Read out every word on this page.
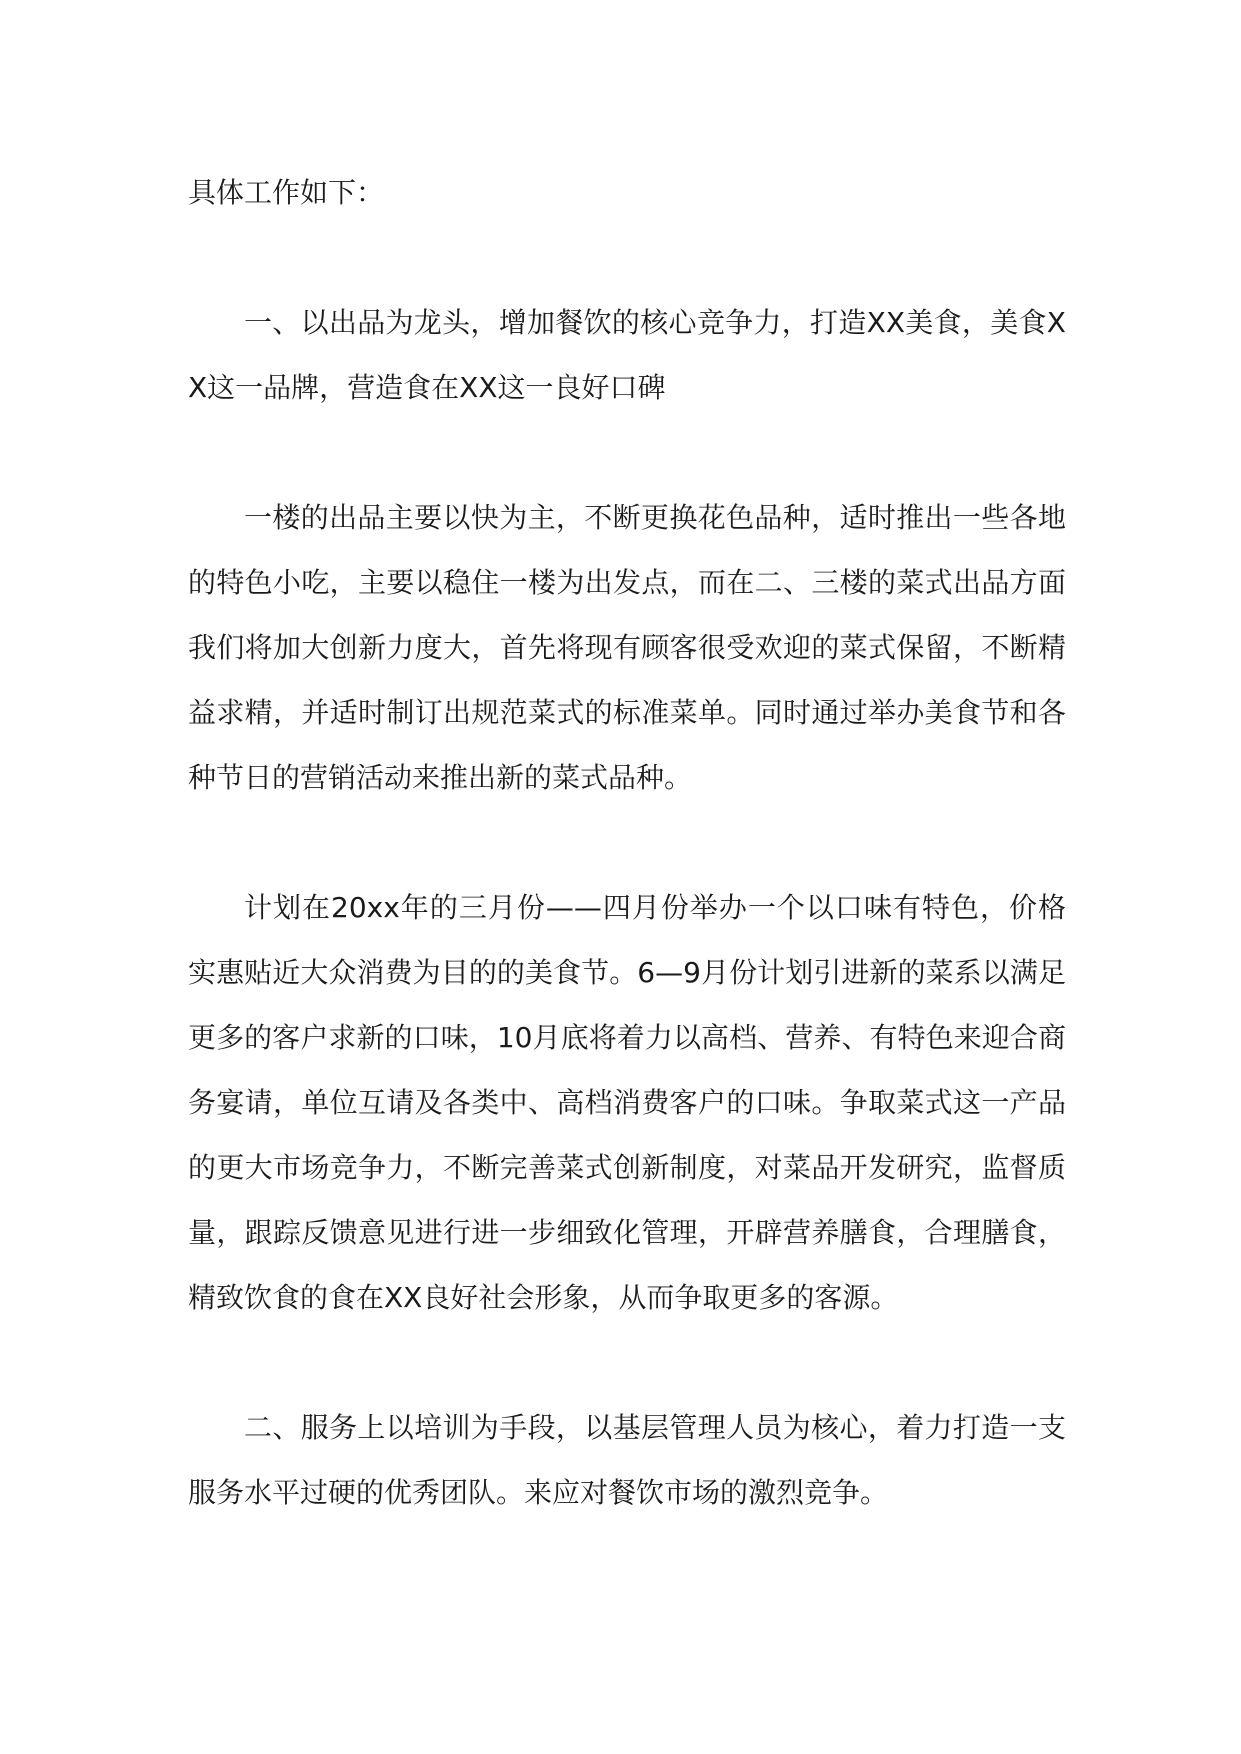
具体工作如下：

一、以出品为龙头，增加餐饮的核心竞争力，打造XX美食，美食XX这一品牌，营造食在XX这一良好口碑

一楼的出品主要以快为主，不断更换花色品种，适时推出一些各地的特色小吃，主要以稳住一楼为出发点，而在二、三楼的菜式出品方面我们将加大创新力度大，首先将现有顾客很受欢迎的菜式保留，不断精益求精，并适时制订出规范菜式的标准菜单。同时通过举办美食节和各种节日的营销活动来推出新的菜式品种。

计划在20xx年的三月份——四月份举办一个以口味有特色，价格实惠贴近大众消费为目的的美食节。6—9月份计划引进新的菜系以满足更多的客户求新的口味，10月底将着力以高档、营养、有特色来迎合商务宴请，单位互请及各类中、高档消费客户的口味。争取菜式这一产品的更大市场竞争力，不断完善菜式创新制度，对菜品开发研究，监督质量，跟踪反馈意见进行进一步细致化管理，开辟营养膳食，合理膳食，精致饮食的食在XX良好社会形象，从而争取更多的客源。

二、服务上以培训为手段，以基层管理人员为核心，着力打造一支服务水平过硬的优秀团队。来应对餐饮市场的激烈竞争。
